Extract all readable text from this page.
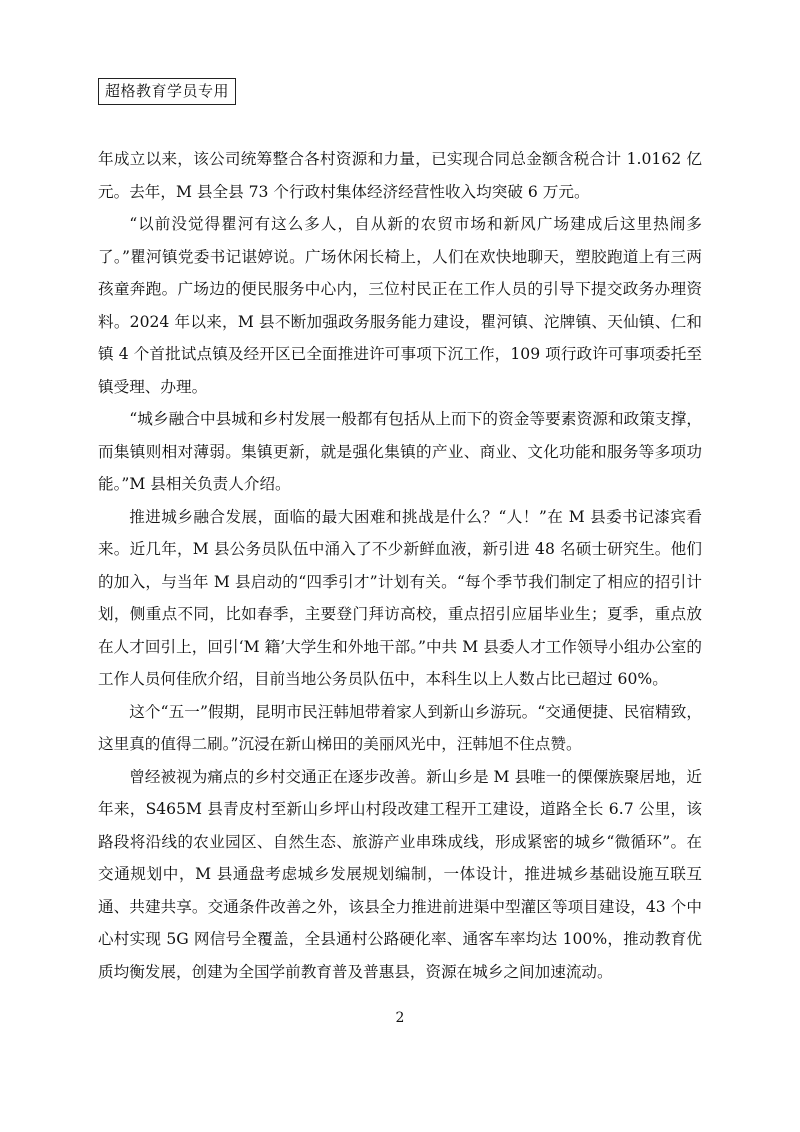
超格教育学员专用

年成立以来，该公司统筹整合各村资源和力量，已实现合同总金额含税合计 1.0162 亿元。去年，M 县全县 73 个行政村集体经济经营性收入均突破 6 万元。

“以前没觉得瞿河有这么多人，自从新的农贸市场和新风广场建成后这里热闹多了。”瞿河镇党委书记谌婷说。广场休闲长椅上，人们在欢快地聊天，塑胶跑道上有三两孩童奔跑。广场边的便民服务中心内，三位村民正在工作人员的引导下提交政务办理资料。2024 年以来，M 县不断加强政务服务能力建设，瞿河镇、沱牌镇、天仙镇、仁和镇 4 个首批试点镇及经开区已全面推进许可事项下沉工作，109 项行政许可事项委托至镇受理、办理。

“城乡融合中县城和乡村发展一般都有包括从上而下的资金等要素资源和政策支撑，而集镇则相对薄弱。集镇更新，就是强化集镇的产业、商业、文化功能和服务等多项功能。”M 县相关负责人介绍。

推进城乡融合发展，面临的最大困难和挑战是什么？“人！”在 M 县委书记漆宾看来。近几年，M 县公务员队伍中涌入了不少新鲜血液，新引进 48 名硕士研究生。他们的加入，与当年 M 县启动的“四季引才”计划有关。“每个季节我们制定了相应的招引计划，侧重点不同，比如春季，主要登门拜访高校，重点招引应届毕业生；夏季，重点放在人才回引上，回引‘M 籍’大学生和外地干部。”中共 M 县委人才工作领导小组办公室的工作人员何佳欣介绍，目前当地公务员队伍中，本科生以上人数占比已超过 60%。

这个“五一”假期，昆明市民汪韩旭带着家人到新山乡游玩。“交通便捷、民宿精致，这里真的值得二刷。”沉浸在新山梯田的美丽风光中，汪韩旭不住点赞。

曾经被视为痛点的乡村交通正在逐步改善。新山乡是 M 县唯一的傈僳族聚居地，近年来，S465M 县青皮村至新山乡坪山村段改建工程开工建设，道路全长 6.7 公里，该路段将沿线的农业园区、自然生态、旅游产业串珠成线，形成紧密的城乡“微循环”。在交通规划中，M 县通盘考虑城乡发展规划编制，一体设计，推进城乡基础设施互联互通、共建共享。交通条件改善之外，该县全力推进前进渠中型灌区等项目建设，43 个中心村实现 5G 网信号全覆盖，全县通村公路硬化率、通客车率均达 100%，推动教育优质均衡发展，创建为全国学前教育普及普惠县，资源在城乡之间加速流动。

2
